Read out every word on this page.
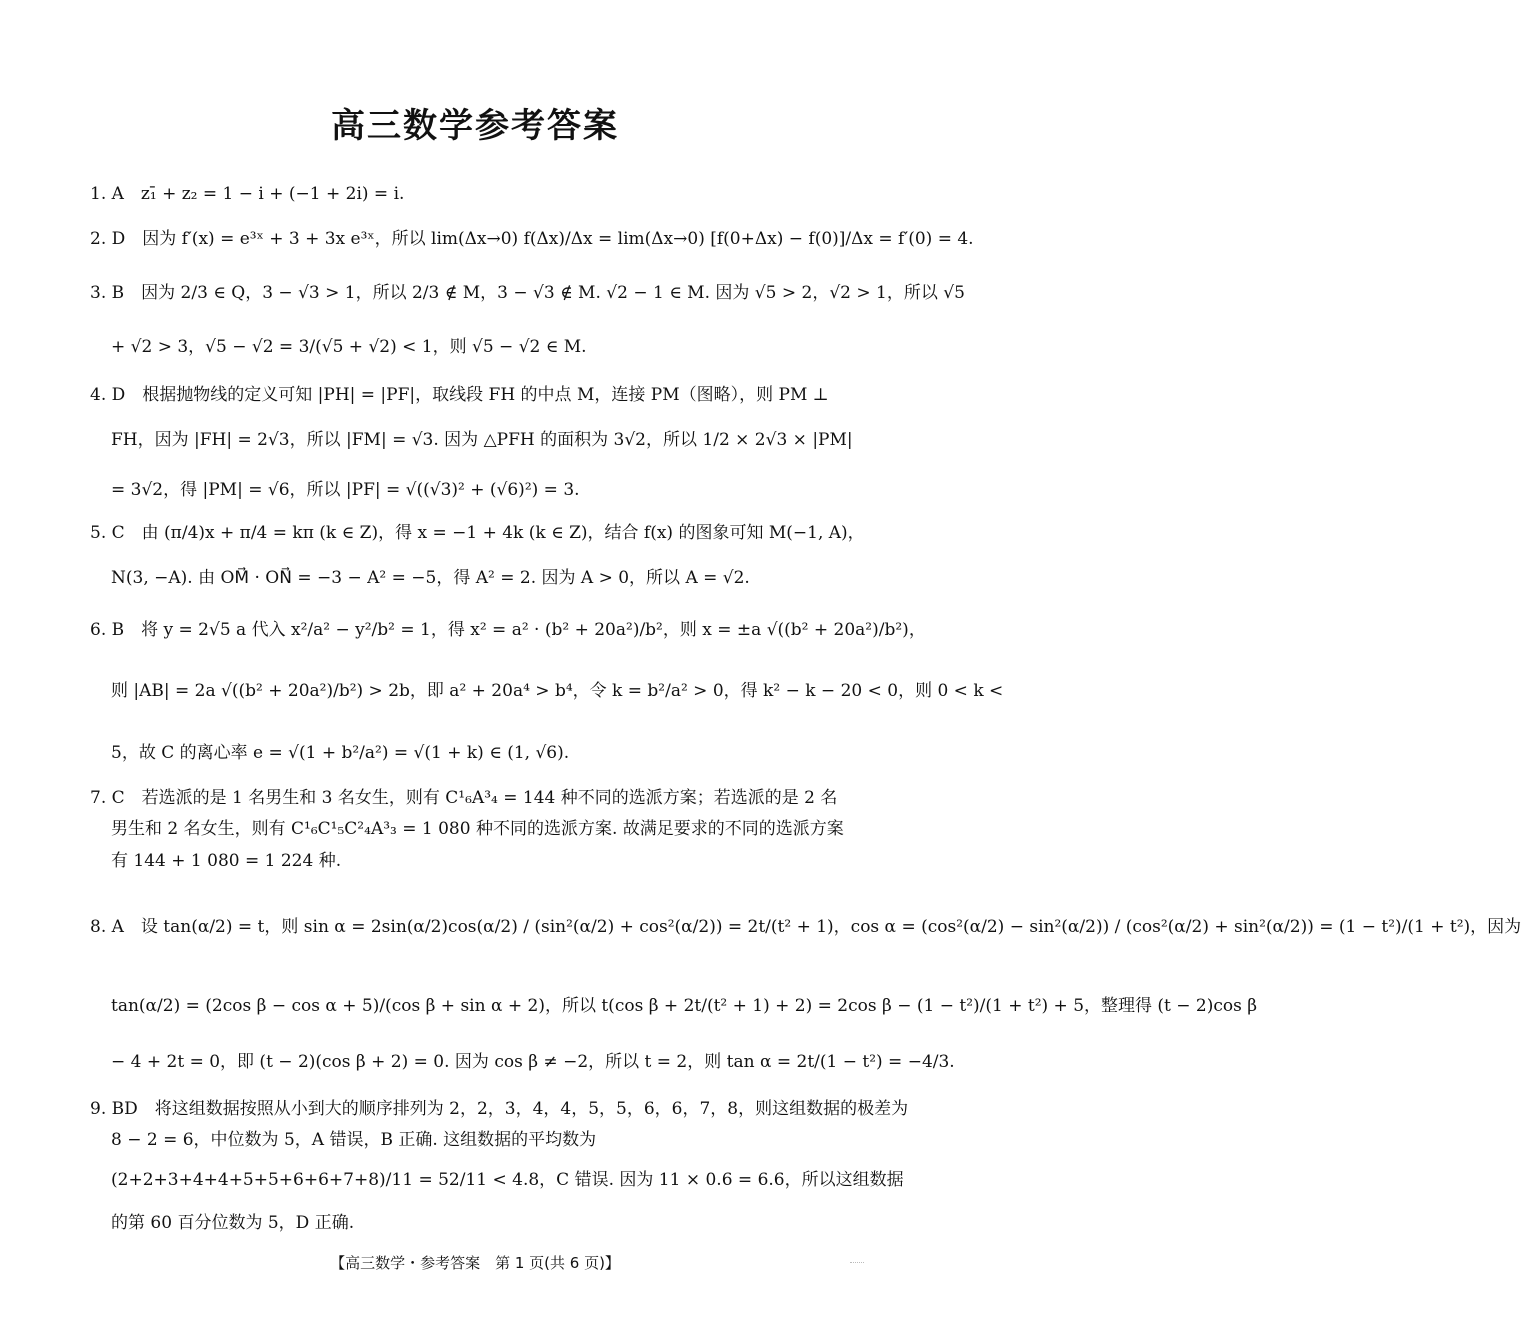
高三数学参考答案
1. A　z₁̄ + z₂ = 1 − i + (−1 + 2i) = i.
2. D　因为 f′(x) = e³ˣ + 3 + 3x e³ˣ，所以 lim(Δx→0) f(Δx)/Δx = lim(Δx→0) [f(0+Δx) − f(0)]/Δx = f′(0) = 4.
3. B　因为 2/3 ∈ Q，3 − √3 > 1，所以 2/3 ∉ M，3 − √3 ∉ M. √2 − 1 ∈ M. 因为 √5 > 2，√2 > 1，所以 √5
+ √2 > 3，√5 − √2 = 3/(√5 + √2) < 1，则 √5 − √2 ∈ M.
4. D　根据抛物线的定义可知 |PH| = |PF|，取线段 FH 的中点 M，连接 PM（图略），则 PM ⊥
FH，因为 |FH| = 2√3，所以 |FM| = √3. 因为 △PFH 的面积为 3√2，所以 1/2 × 2√3 × |PM|
= 3√2，得 |PM| = √6，所以 |PF| = √((√3)² + (√6)²) = 3.
5. C　由 (π/4)x + π/4 = kπ (k ∈ Z)，得 x = −1 + 4k (k ∈ Z)，结合 f(x) 的图象可知 M(−1, A)，
N(3, −A). 由 OM⃗ · ON⃗ = −3 − A² = −5，得 A² = 2. 因为 A > 0，所以 A = √2.
6. B　将 y = 2√5 a 代入 x²/a² − y²/b² = 1，得 x² = a² · (b² + 20a²)/b²，则 x = ±a √((b² + 20a²)/b²)，
则 |AB| = 2a √((b² + 20a²)/b²) > 2b，即 a² + 20a⁴ > b⁴，令 k = b²/a² > 0，得 k² − k − 20 < 0，则 0 < k <
5，故 C 的离心率 e = √(1 + b²/a²) = √(1 + k) ∈ (1, √6).
7. C　若选派的是 1 名男生和 3 名女生，则有 C¹₆A³₄ = 144 种不同的选派方案；若选派的是 2 名
男生和 2 名女生，则有 C¹₆C¹₅C²₄A³₃ = 1 080 种不同的选派方案. 故满足要求的不同的选派方案
有 144 + 1 080 = 1 224 种.
8. A　设 tan(α/2) = t，则 sin α = 2sin(α/2)cos(α/2) / (sin²(α/2) + cos²(α/2)) = 2t/(t² + 1)，cos α = (cos²(α/2) − sin²(α/2)) / (cos²(α/2) + sin²(α/2)) = (1 − t²)/(1 + t²)，因为
tan(α/2) = (2cos β − cos α + 5)/(cos β + sin α + 2)，所以 t(cos β + 2t/(t² + 1) + 2) = 2cos β − (1 − t²)/(1 + t²) + 5，整理得 (t − 2)cos β
− 4 + 2t = 0，即 (t − 2)(cos β + 2) = 0. 因为 cos β ≠ −2，所以 t = 2，则 tan α = 2t/(1 − t²) = −4/3.
9. BD　将这组数据按照从小到大的顺序排列为 2，2，3，4，4，5，5，6，6，7，8，则这组数据的极差为
8 − 2 = 6，中位数为 5，A 错误，B 正确. 这组数据的平均数为
(2+2+3+4+4+5+5+6+6+7+8)/11 = 52/11 < 4.8，C 错误. 因为 11 × 0.6 = 6.6，所以这组数据
的第 60 百分位数为 5，D 正确.
【高三数学・参考答案　第 1 页(共 6 页)】
